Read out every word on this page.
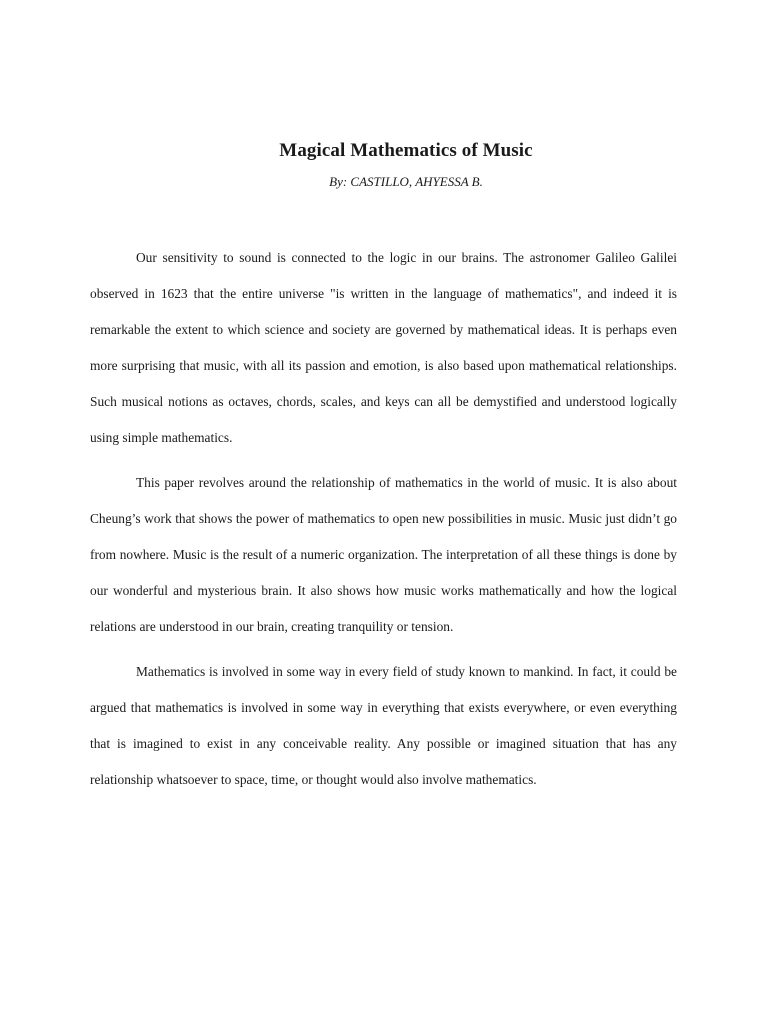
Magical Mathematics of Music
By: CASTILLO, AHYESSA B.

Our sensitivity to sound is connected to the logic in our brains. The astronomer Galileo Galilei observed in 1623 that the entire universe "is written in the language of mathematics", and indeed it is remarkable the extent to which science and society are governed by mathematical ideas. It is perhaps even more surprising that music, with all its passion and emotion, is also based upon mathematical relationships. Such musical notions as octaves, chords, scales, and keys can all be demystified and understood logically using simple mathematics.

This paper revolves around the relationship of mathematics in the world of music. It is also about Cheung’s work that shows the power of mathematics to open new possibilities in music. Music just didn’t go from nowhere. Music is the result of a numeric organization. The interpretation of all these things is done by our wonderful and mysterious brain. It also shows how music works mathematically and how the logical relations are understood in our brain, creating tranquility or tension.

Mathematics is involved in some way in every field of study known to mankind. In fact, it could be argued that mathematics is involved in some way in everything that exists everywhere, or even everything that is imagined to exist in any conceivable reality. Any possible or imagined situation that has any relationship whatsoever to space, time, or thought would also involve mathematics.
